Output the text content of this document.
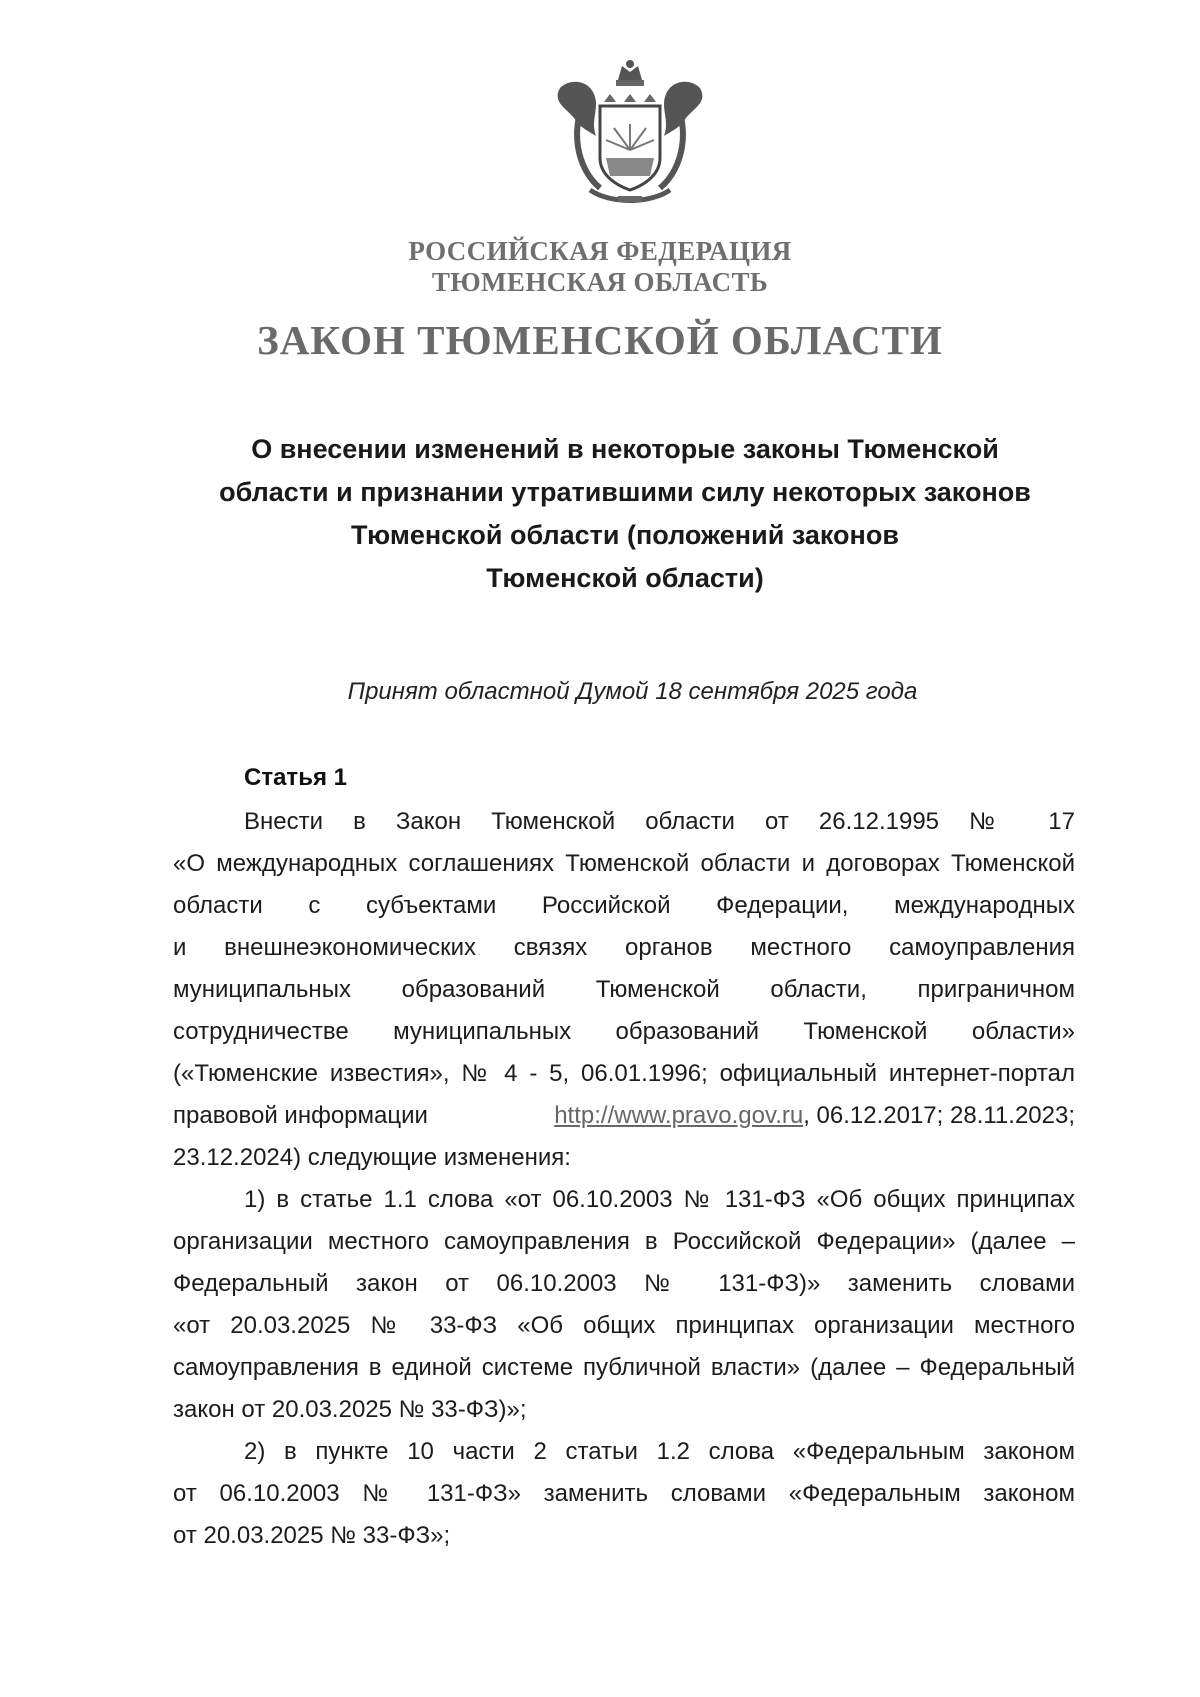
РОССИЙСКАЯ ФЕДЕРАЦИЯ
ТЮМЕНСКАЯ ОБЛАСТЬ
ЗАКОН ТЮМЕНСКОЙ ОБЛАСТИ
О внесении изменений в некоторые законы Тюменской
области и признании утратившими силу некоторых законов
Тюменской области (положений законов
Тюменской области)
Принят областной Думой 18 сентября 2025 года
Статья 1
Внести в Закон Тюменской области от 26.12.1995 № 17
«О международных соглашениях Тюменской области и договорах Тюменской
области с субъектами Российской Федерации, международных
и внешнеэкономических связях органов местного самоуправления
муниципальных образований Тюменской области, приграничном
сотрудничестве муниципальных образований Тюменской области»
(«Тюменские известия», № 4 - 5, 06.01.1996; официальный интернет-портал
правовой информации	http://www.pravo.gov.ru, 06.12.2017; 28.11.2023;
23.12.2024) следующие изменения:
1) в статье 1.1 слова «от 06.10.2003 № 131-ФЗ «Об общих принципах
организации местного самоуправления в Российской Федерации» (далее –
Федеральный закон от 06.10.2003 № 131-ФЗ)» заменить словами
«от 20.03.2025 № 33-ФЗ «Об общих принципах организации местного
самоуправления в единой системе публичной власти» (далее – Федеральный
закон от 20.03.2025 № 33-ФЗ)»;
2) в пункте 10 части 2 статьи 1.2 слова «Федеральным законом
от 06.10.2003 № 131-ФЗ» заменить словами «Федеральным законом
от 20.03.2025 № 33-ФЗ»;
